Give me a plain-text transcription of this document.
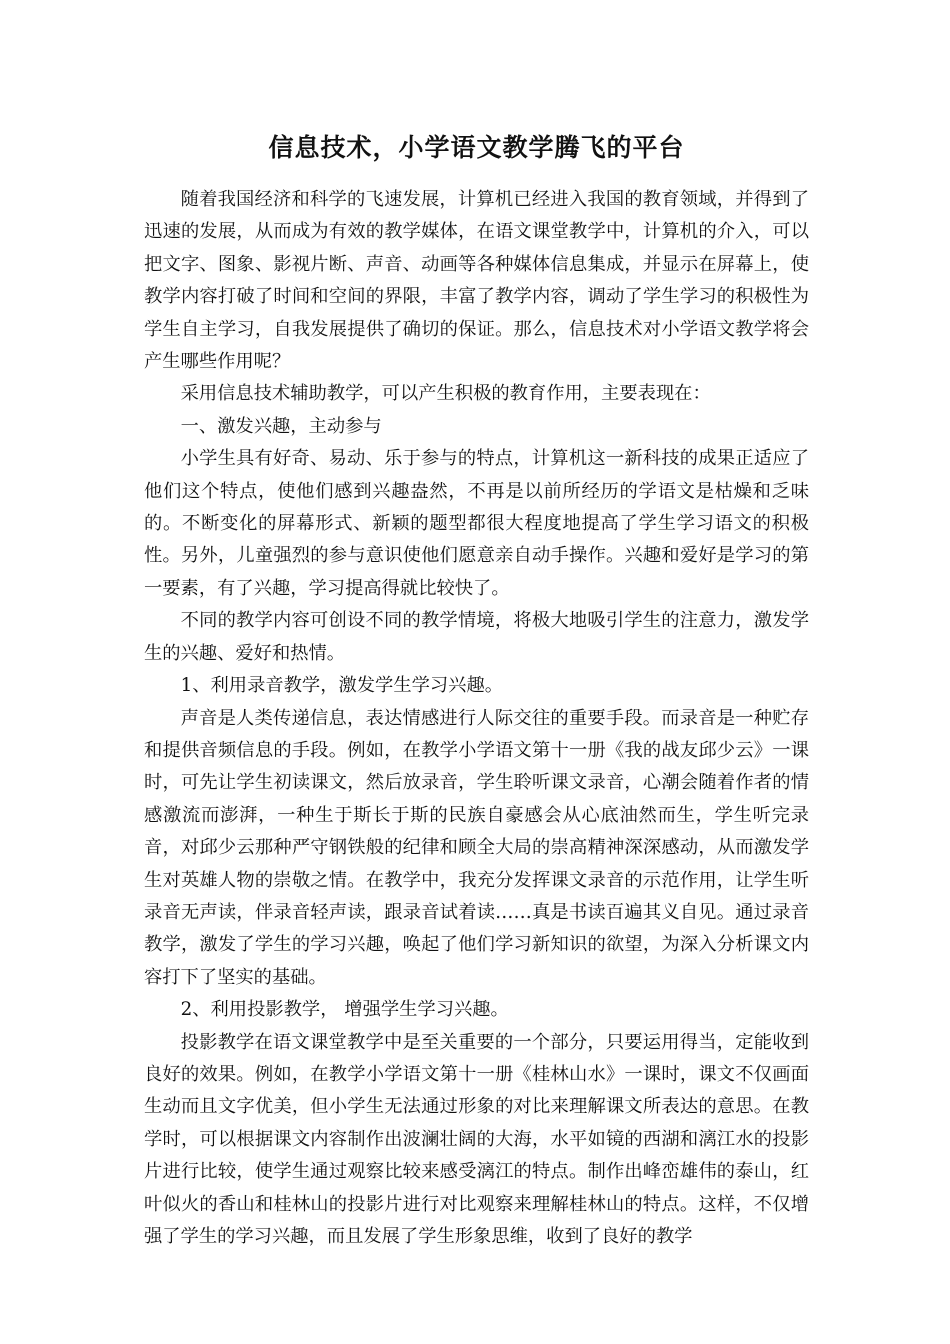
信息技术，小学语文教学腾飞的平台

随着我国经济和科学的飞速发展，计算机已经进入我国的教育领域，并得到了迅速的发展，从而成为有效的教学媒体，在语文课堂教学中，计算机的介入，可以把文字、图象、影视片断、声音、动画等各种媒体信息集成，并显示在屏幕上，使教学内容打破了时间和空间的界限，丰富了教学内容，调动了学生学习的积极性为学生自主学习，自我发展提供了确切的保证。那么，信息技术对小学语文教学将会产生哪些作用呢？

采用信息技术辅助教学，可以产生积极的教育作用，主要表现在：

一、激发兴趣，主动参与

小学生具有好奇、易动、乐于参与的特点，计算机这一新科技的成果正适应了他们这个特点，使他们感到兴趣盎然，不再是以前所经历的学语文是枯燥和乏味的。不断变化的屏幕形式、新颖的题型都很大程度地提高了学生学习语文的积极性。另外，儿童强烈的参与意识使他们愿意亲自动手操作。兴趣和爱好是学习的第一要素，有了兴趣，学习提高得就比较快了。

不同的教学内容可创设不同的教学情境，将极大地吸引学生的注意力，激发学生的兴趣、爱好和热情。

1、利用录音教学，激发学生学习兴趣。

声音是人类传递信息，表达情感进行人际交往的重要手段。而录音是一种贮存和提供音频信息的手段。例如，在教学小学语文第十一册《我的战友邱少云》一课时，可先让学生初读课文，然后放录音，学生聆听课文录音，心潮会随着作者的情感激流而澎湃，一种生于斯长于斯的民族自豪感会从心底油然而生，学生听完录音，对邱少云那种严守钢铁般的纪律和顾全大局的崇高精神深深感动，从而激发学生对英雄人物的崇敬之情。在教学中，我充分发挥课文录音的示范作用，让学生听录音无声读，伴录音轻声读，跟录音试着读……真是书读百遍其义自见。通过录音教学，激发了学生的学习兴趣，唤起了他们学习新知识的欲望，为深入分析课文内容打下了坚实的基础。

2、利用投影教学， 增强学生学习兴趣。

投影教学在语文课堂教学中是至关重要的一个部分，只要运用得当，定能收到良好的效果。例如，在教学小学语文第十一册《桂林山水》一课时，课文不仅画面生动而且文字优美，但小学生无法通过形象的对比来理解课文所表达的意思。在教学时，可以根据课文内容制作出波澜壮阔的大海，水平如镜的西湖和漓江水的投影片进行比较，使学生通过观察比较来感受漓江的特点。制作出峰峦雄伟的泰山，红叶似火的香山和桂林山的投影片进行对比观察来理解桂林山的特点。这样，不仅增强了学生的学习兴趣，而且发展了学生形象思维，收到了良好的教学
